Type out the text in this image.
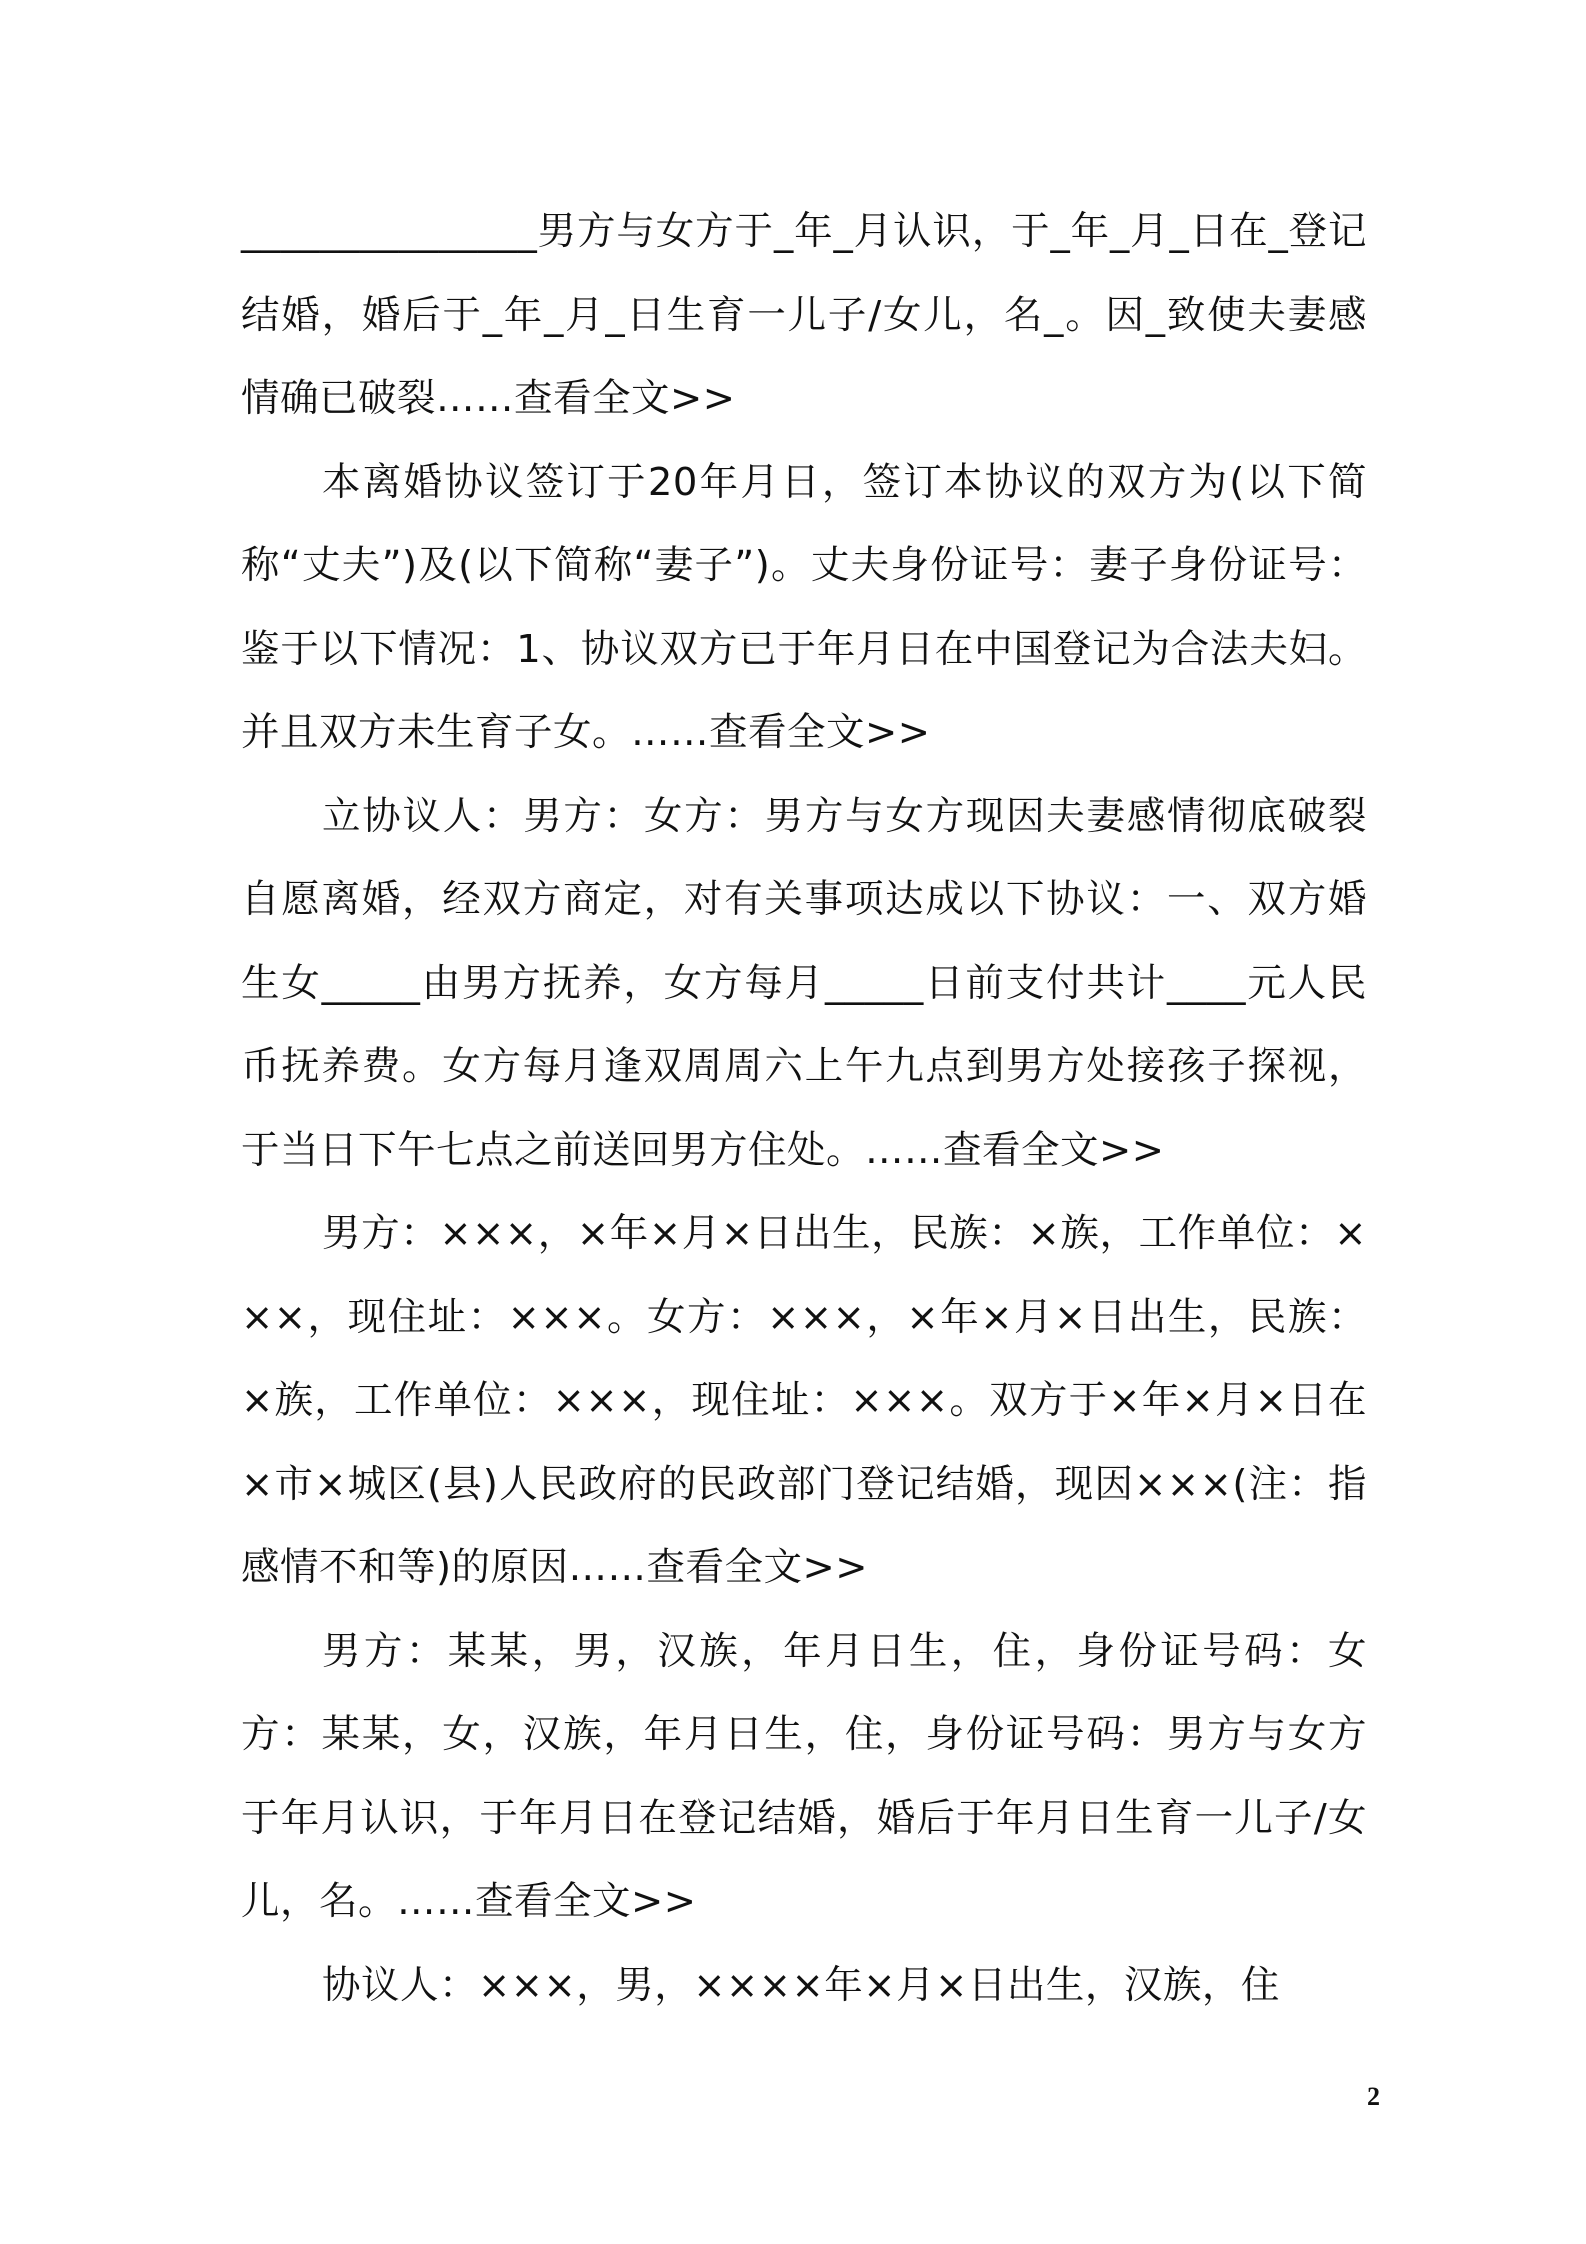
_______________男方与女方于_年_月认识，于_年_月_日在_登记结婚，婚后于_年_月_日生育一儿子/女儿，名_。因_致使夫妻感情确已破裂……查看全文>>

本离婚协议签订于20年月日，签订本协议的双方为(以下简称“丈夫”)及(以下简称“妻子”)。丈夫身份证号：妻子身份证号：鉴于以下情况：1、协议双方已于年月日在中国登记为合法夫妇。并且双方未生育子女。……查看全文>>

立协议人：男方：女方：男方与女方现因夫妻感情彻底破裂自愿离婚，经双方商定，对有关事项达成以下协议：一、双方婚生女_____由男方抚养，女方每月_____日前支付共计____元人民币抚养费。女方每月逢双周周六上午九点到男方处接孩子探视，于当日下午七点之前送回男方住处。……查看全文>>

男方：×××，×年×月×日出生，民族：×族，工作单位：×××，现住址：×××。女方：×××，×年×月×日出生，民族：×族，工作单位：×××，现住址：×××。双方于×年×月×日在×市×城区(县)人民政府的民政部门登记结婚，现因×××(注：指感情不和等)的原因……查看全文>>

男方：某某，男，汉族，年月日生，住，身份证号码：女方：某某，女，汉族，年月日生，住，身份证号码：男方与女方于年月认识，于年月日在登记结婚，婚后于年月日生育一儿子/女儿，名。……查看全文>>

协议人：×××，男，××××年×月×日出生，汉族，住

2
